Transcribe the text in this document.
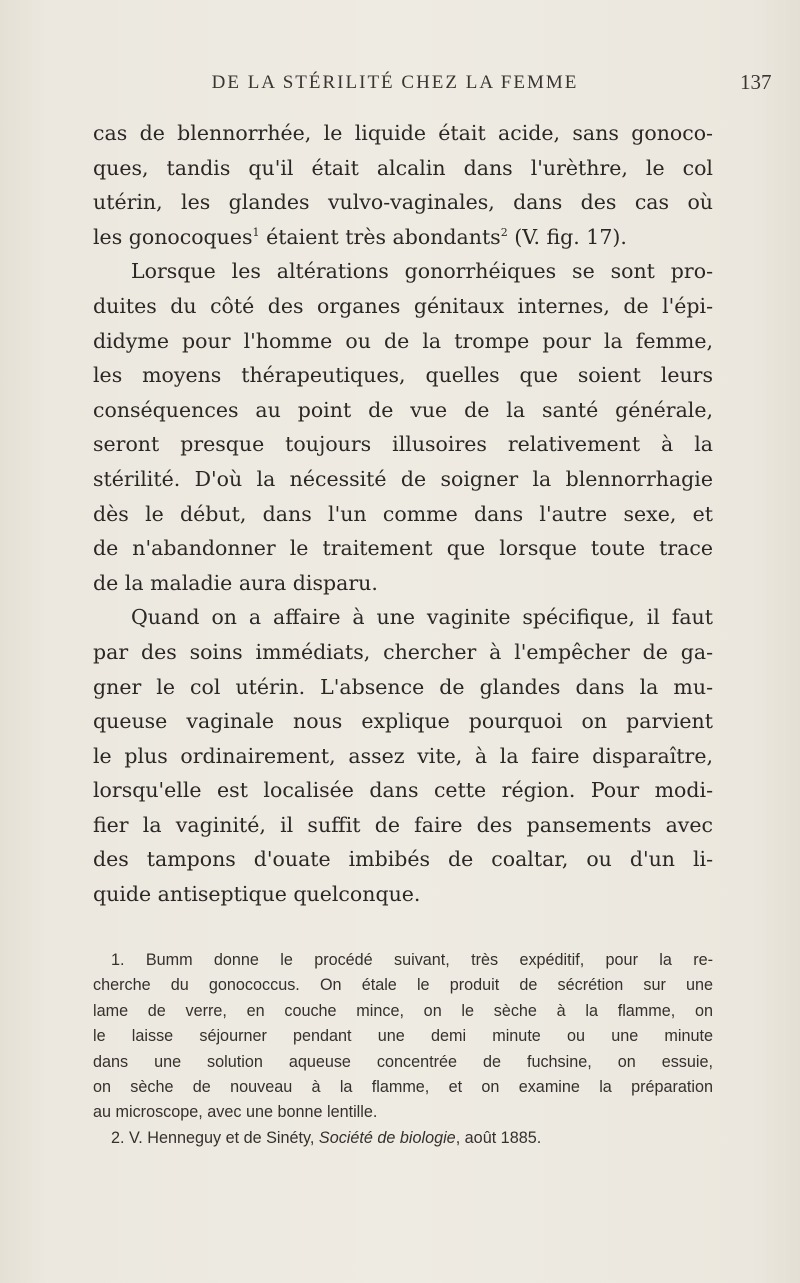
DE LA STÉRILITÉ CHEZ LA FEMME	137
cas de blennorrhée, le liquide était acide, sans gonoco-
ques, tandis qu'il était alcalin dans l'urèthre, le col
utérin, les glandes vulvo-vaginales, dans des cas où
les gonocoques$^1$ étaient très abondants$^2$ (V. fig. 17).
Lorsque les altérations gonorrhéiques se sont pro-
duites du côté des organes génitaux internes, de l'épi-
didyme pour l'homme ou de la trompe pour la femme,
les moyens thérapeutiques, quelles que soient leurs
conséquences au point de vue de la santé générale,
seront presque toujours illusoires relativement à la
stérilité. D'où la nécessité de soigner la blennorrhagie
dès le début, dans l'un comme dans l'autre sexe, et
de n'abandonner le traitement que lorsque toute trace
de la maladie aura disparu.
Quand on a affaire à une vaginite spécifique, il faut
par des soins immédiats, chercher à l'empêcher de ga-
gner le col utérin. L'absence de glandes dans la mu-
queuse vaginale nous explique pourquoi on parvient
le plus ordinairement, assez vite, à la faire disparaître,
lorsqu'elle est localisée dans cette région. Pour modi-
fier la vaginité, il suffit de faire des pansements avec
des tampons d'ouate imbibés de coaltar, ou d'un li-
quide antiseptique quelconque.
1. Bumm donne le procédé suivant, très expéditif, pour la re-
cherche du gonococcus. On étale le produit de sécrétion sur une
lame de verre, en couche mince, on le sèche à la flamme, on
le laisse séjourner pendant une demi minute ou une minute
dans une solution aqueuse concentrée de fuchsine, on essuie,
on sèche de nouveau à la flamme, et on examine la préparation
au microscope, avec une bonne lentille.
2. V. Henneguy et de Sinéty, Société de biologie, août 1885.
